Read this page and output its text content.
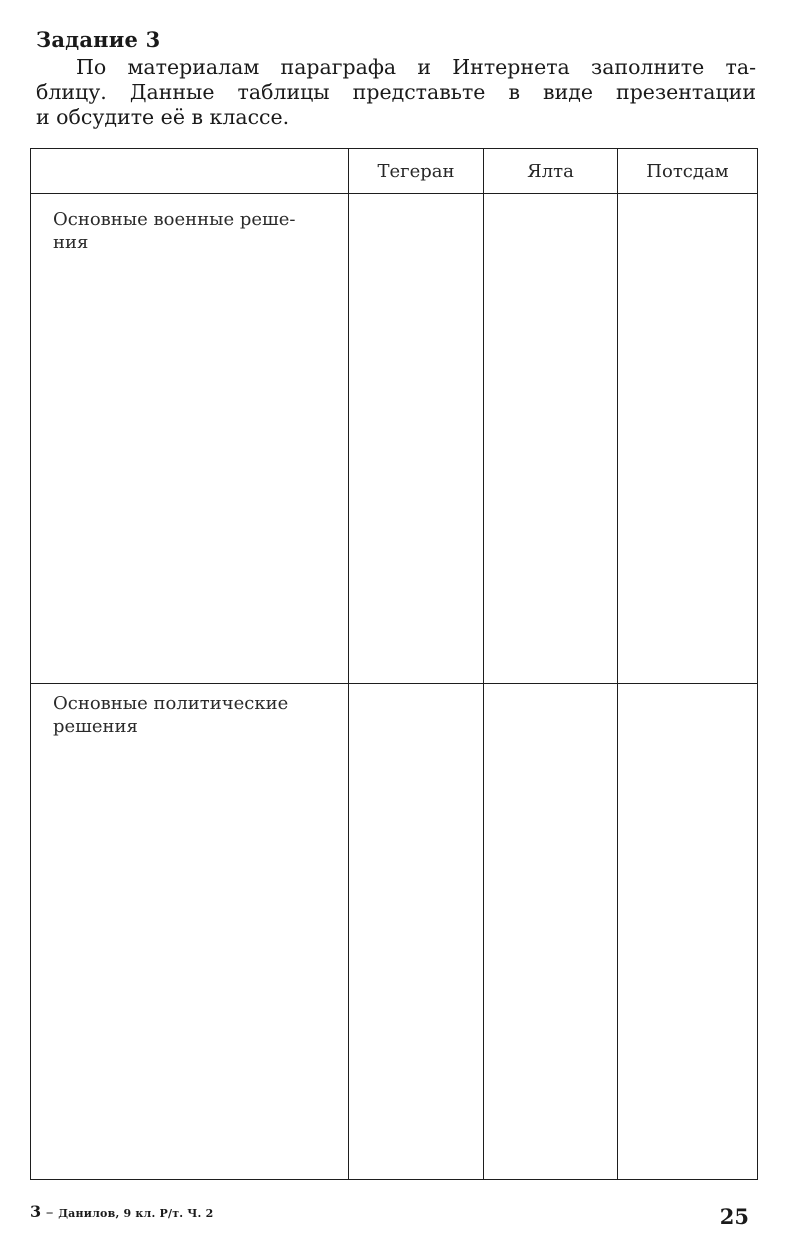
Задание 3
По материалам параграфа и Интернета заполните та-
блицу. Данные таблицы представьте в виде презентации
и обсудите её в классе.
	Тегеран	Ялта	Потсдам

Основные военные реше-
ния			

Основные политические
решения			

3 – Данилов, 9 кл. Р/т. Ч. 2	25
